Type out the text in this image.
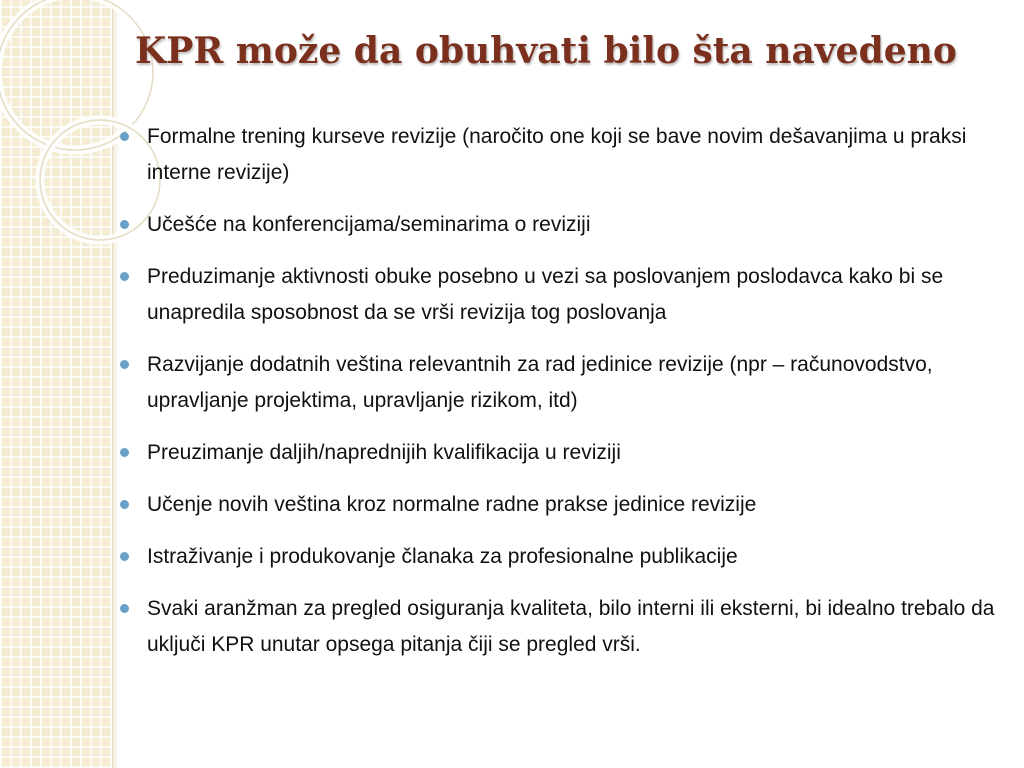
KPR može da obuhvati bilo šta navedeno
Formalne trening kurseve revizije (naročito one koji se bave novim dešavanjima u praksi interne revizije)
Učešće na konferencijama/seminarima o reviziji
Preduzimanje aktivnosti obuke posebno u vezi sa poslovanjem poslodavca kako bi se unapredila sposobnost da se vrši revizija tog poslovanja
Razvijanje dodatnih veština relevantnih za rad jedinice revizije (npr – računovodstvo, upravljanje projektima, upravljanje rizikom, itd)
Preuzimanje daljih/naprednijih kvalifikacija u reviziji
Učenje novih veština kroz normalne radne prakse jedinice revizije
Istraživanje i produkovanje članaka za profesionalne publikacije
Svaki aranžman za pregled osiguranja kvaliteta, bilo interni ili eksterni, bi idealno trebalo da uključi KPR unutar opsega pitanja čiji se pregled vrši.
